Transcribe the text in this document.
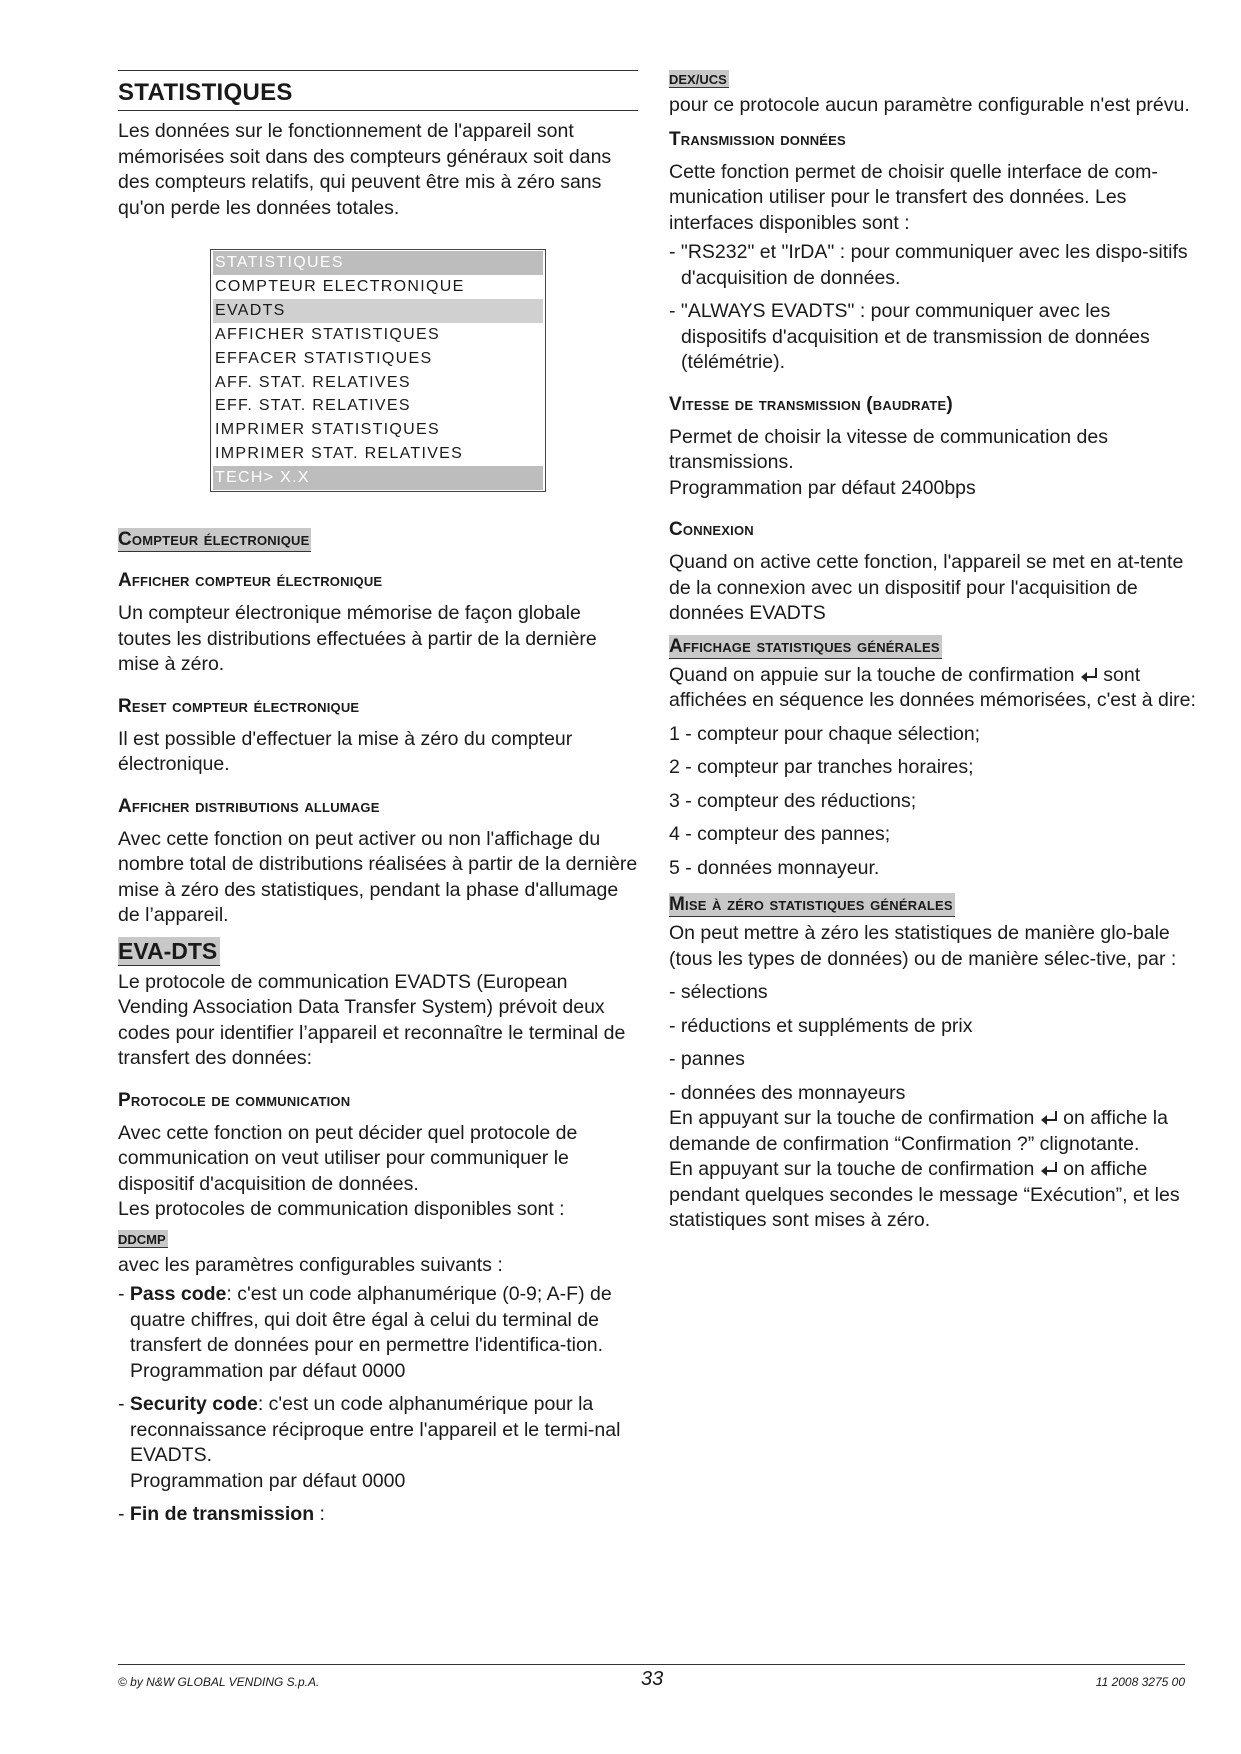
STATISTIQUES

Les données sur le fonctionnement de l'appareil sont mémorisées soit dans des compteurs généraux soit dans des compteurs relatifs, qui peuvent être mis à zéro sans qu'on perde les données totales.

STATISTIQUES
COMPTEUR ELECTRONIQUE
EVADTS
AFFICHER STATISTIQUES
EFFACER STATISTIQUES
AFF. STAT. RELATIVES
EFF. STAT. RELATIVES
IMPRIMER STATISTIQUES
IMPRIMER STAT. RELATIVES
TECH> X.X
Compteur électronique
Afficher compteur électronique

Un compteur électronique mémorise de façon globale toutes les distributions effectuées à partir de la dernière mise à zéro.

Reset compteur électronique

Il est possible d'effectuer la mise à zéro du compteur électronique.

Afficher distributions allumage

Avec cette fonction on peut activer ou non l'affichage du nombre total de distributions réalisées à partir de la dernière mise à zéro des statistiques, pendant la phase d'allumage de l’appareil.

EVA-DTS

Le protocole de communication EVADTS (European Vending Association Data Transfer System) prévoit deux codes pour identifier l’appareil et reconnaître le terminal de transfert des données:

Protocole de communication

Avec cette fonction on peut décider quel protocole de communication on veut utiliser pour communiquer le dispositif d'acquisition de données.

Les protocoles de communication disponibles sont :

DDCMP

avec les paramètres configurables suivants :

- Pass code: c'est un code alphanumérique (0-9; A-F) de quatre chiffres, qui doit être égal à celui du terminal de transfert de données pour en permettre l'identifica-tion.
Programmation par défaut 0000
- Security code: c'est un code alphanumérique pour la reconnaissance réciproque entre l'appareil et le termi-nal EVADTS.
Programmation par défaut 0000
- Fin de transmission :
DEX/UCS

pour ce protocole aucun paramètre configurable n'est prévu.

Transmission données

Cette fonction permet de choisir quelle interface de com-munication utiliser pour le transfert des données. Les interfaces disponibles sont :

- "RS232" et "IrDA" : pour communiquer avec les dispo-sitifs d'acquisition de données.
- "ALWAYS EVADTS" : pour communiquer avec les dispositifs d'acquisition et de transmission de données (télémétrie).
Vitesse de transmission (baudrate)

Permet de choisir la vitesse de communication des transmissions.

Programmation par défaut 2400bps

Connexion

Quand on active cette fonction, l'appareil se met en at-tente de la connexion avec un dispositif pour l'acquisition de données EVADTS

Affichage statistiques générales

Quand on appuie sur la touche de confirmation  sont affichées en séquence les données mémorisées, c'est à dire:

1 - compteur pour chaque sélection;
2 - compteur par tranches horaires;
3 - compteur des réductions;
4 - compteur des pannes;
5 - données monnayeur.
Mise à zéro statistiques générales

On peut mettre à zéro les statistiques de manière glo-bale (tous les types de données) ou de manière sélec-tive, par :

- sélections
- réductions et suppléments de prix
- pannes
- données des monnayeurs

En appuyant sur la touche de confirmation  on affiche la demande de confirmation “Confirmation ?” clignotante.

En appuyant sur la touche de confirmation  on affiche pendant quelques secondes le message “Exécution”, et les statistiques sont mises à zéro.

© by N&W GLOBAL VENDING S.p.A.	33	11 2008 3275 00
